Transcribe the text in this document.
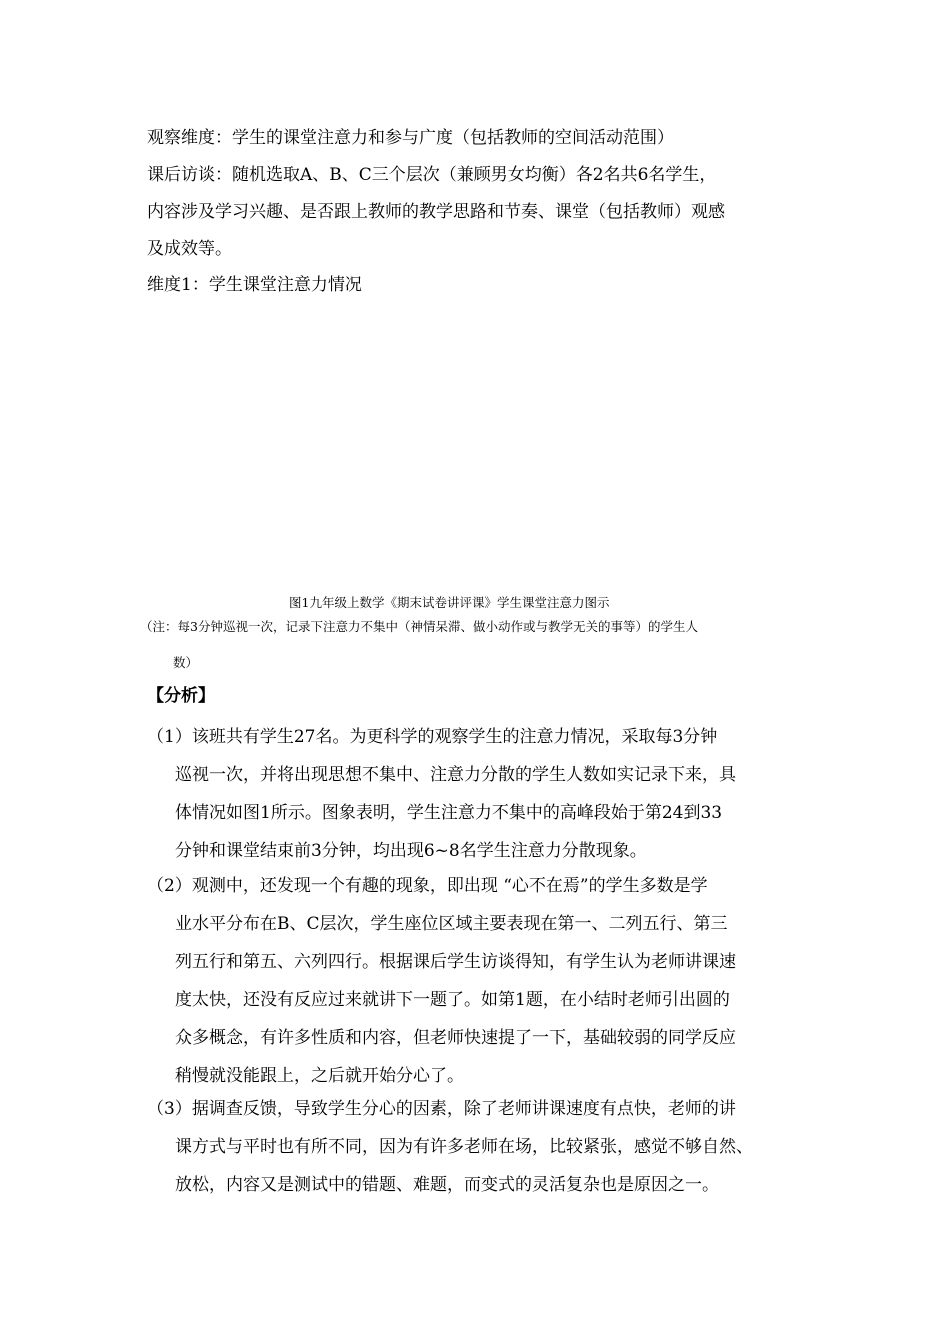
观察维度：学生的课堂注意力和参与广度（包括教师的空间活动范围）
课后访谈：随机选取A、B、C三个层次（兼顾男女均衡）各2名共6名学生，
内容涉及学习兴趣、是否跟上教师的教学思路和节奏、课堂（包括教师）观感
及成效等。
维度1：学生课堂注意力情况
图1九年级上数学《期末试卷讲评课》学生课堂注意力图示
（注：每3分钟巡视一次，记录下注意力不集中（神情呆滞、做小动作或与教学无关的事等）的学生人
数）
【分析】
（1）该班共有学生27名。为更科学的观察学生的注意力情况，采取每3分钟
巡视一次，并将出现思想不集中、注意力分散的学生人数如实记录下来，具
体情况如图1所示。图象表明，学生注意力不集中的高峰段始于第24到33
分钟和课堂结束前3分钟，均出现6~8名学生注意力分散现象。
（2）观测中，还发现一个有趣的现象，即出现 “心不在焉”的学生多数是学
业水平分布在B、C层次，学生座位区域主要表现在第一、二列五行、第三
列五行和第五、六列四行。根据课后学生访谈得知，有学生认为老师讲课速
度太快，还没有反应过来就讲下一题了。如第1题，在小结时老师引出圆的
众多概念，有许多性质和内容，但老师快速提了一下，基础较弱的同学反应
稍慢就没能跟上，之后就开始分心了。
（3）据调查反馈，导致学生分心的因素，除了老师讲课速度有点快，老师的讲
课方式与平时也有所不同，因为有许多老师在场，比较紧张，感觉不够自然、
放松，内容又是测试中的错题、难题，而变式的灵活复杂也是原因之一。
